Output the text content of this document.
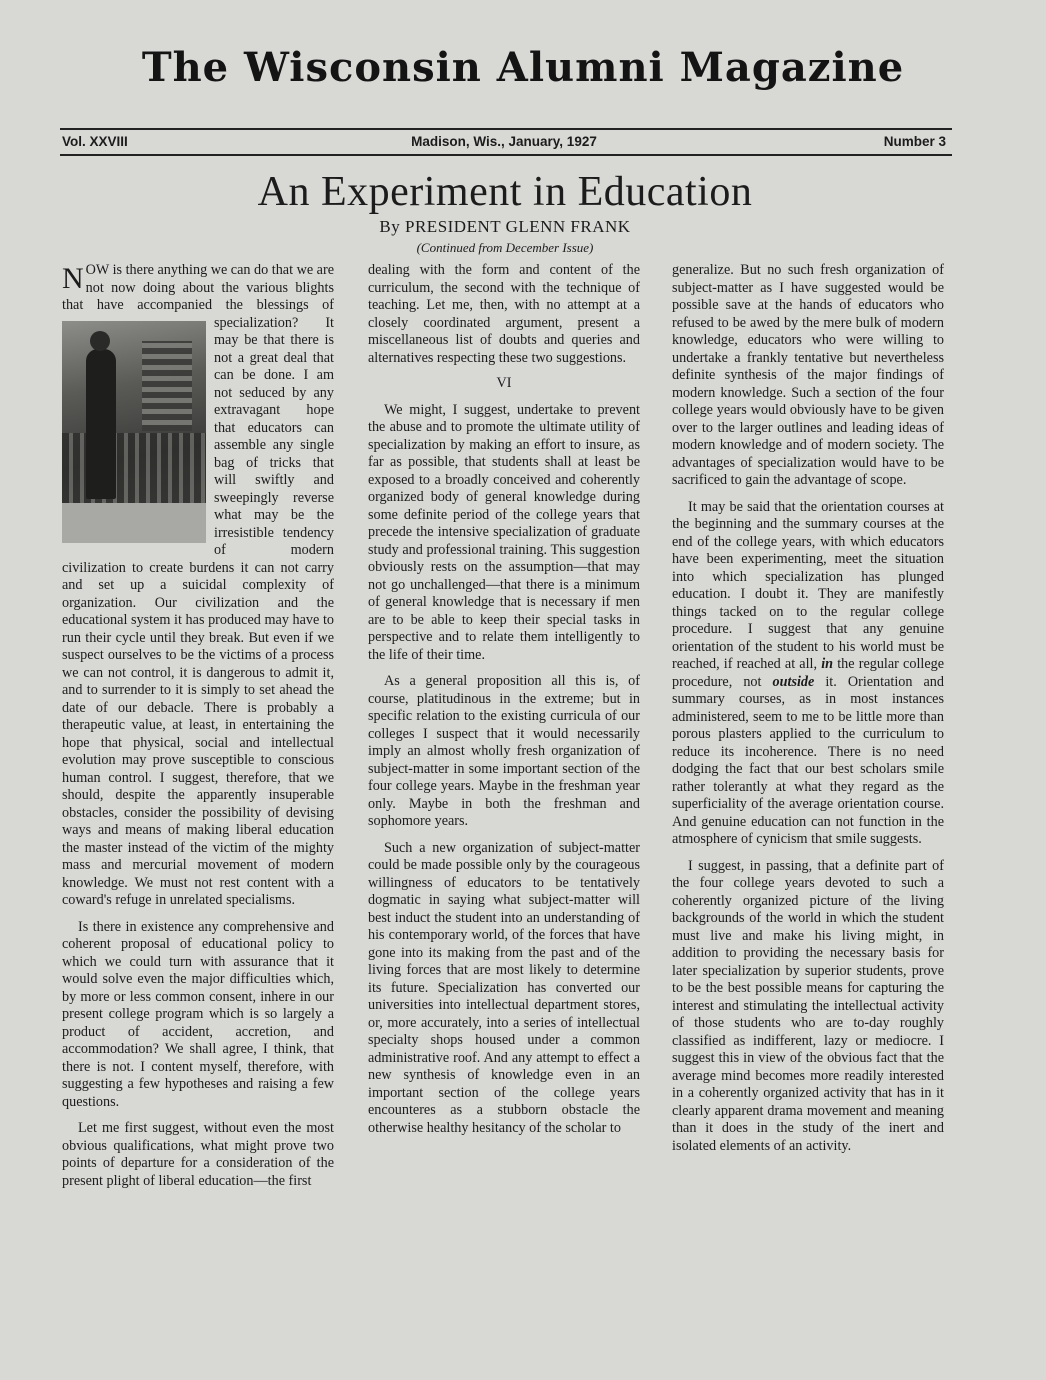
The Wisconsin Alumni Magazine
Vol. XXVIII	Madison, Wis., January, 1927	Number 3
An Experiment in Education
By PRESIDENT GLENN FRANK
(Continued from December Issue)

N OW is there anything we can do that we are not now doing about the various blights that have accompanied the blessings of specialization?
It may be that there is not a great deal that can be done. I am not seduced by any extravagant hope that educators can assemble any single bag of tricks that will swiftly and sweepingly reverse what may be the irresistible tendency of modern civilization to create burdens it can not carry and set up a suicidal complexity of organization. Our civilization and the educational system it has produced may have to run their cycle until they break. But even if we suspect ourselves to be the victims of a process we can not control, it is dangerous to admit it, and to surrender to it is simply to set ahead the date of our debacle. There is probably a therapeutic value, at least, in entertaining the hope that physical, social and intellectual evolution may prove susceptible to conscious human control. I suggest, therefore, that we should, despite the apparently insuperable obstacles, consider the possibility of devising ways and means of making liberal education the master instead of the victim of the mighty mass and mercurial movement of modern knowledge. We must not rest content with a coward's refuge in unrelated specialisms.

Is there in existence any comprehensive and coherent proposal of educational policy to which we could turn with assurance that it would solve even the major difficulties which, by more or less common consent, inhere in our present college program which is so largely a product of accident, accretion, and accommodation? We shall agree, I think, that there is not. I content myself, therefore, with suggesting a few hypotheses and raising a few questions.

Let me first suggest, without even the most obvious qualifications, what might prove two points of departure for a consideration of the present plight of liberal education—the first

dealing with the form and content of the curriculum, the second with the technique of teaching. Let me, then, with no attempt at a closely coordinated argument, present a miscellaneous list of doubts and queries and alternatives respecting these two suggestions.

VI

We might, I suggest, undertake to prevent the abuse and to promote the ultimate utility of specialization by making an effort to insure, as far as possible, that students shall at least be exposed to a broadly conceived and coherently organized body of general knowledge during some definite period of the college years that precede the intensive specialization of graduate study and professional training. This suggestion obviously rests on the assumption—that may not go unchallenged—that there is a minimum of general knowledge that is necessary if men are to be able to keep their special tasks in perspective and to relate them intelligently to the life of their time.

As a general proposition all this is, of course, platitudinous in the extreme; but in specific relation to the existing curricula of our colleges I suspect that it would necessarily imply an almost wholly fresh organization of subject-matter in some important section of the four college years. Maybe in the freshman year only. Maybe in both the freshman and sophomore years.

Such a new organization of subject-matter could be made possible only by the courageous willingness of educators to be tentatively dogmatic in saying what subject-matter will best induct the student into an understanding of his contemporary world, of the forces that have gone into its making from the past and of the living forces that are most likely to determine its future. Specialization has converted our universities into intellectual department stores, or, more accurately, into a series of intellectual specialty shops housed under a common administrative roof. And any attempt to effect a new synthesis of knowledge even in an important section of the college years encounteres as a stubborn obstacle the otherwise healthy hesitancy of the scholar to

generalize. But no such fresh organization of subject-matter as I have suggested would be possible save at the hands of educators who refused to be awed by the mere bulk of modern knowledge, educators who were willing to undertake a frankly tentative but nevertheless definite synthesis of the major findings of modern knowledge. Such a section of the four college years would obviously have to be given over to the larger outlines and leading ideas of modern knowledge and of modern society. The advantages of specialization would have to be sacrificed to gain the advantage of scope.

It may be said that the orientation courses at the beginning and the summary courses at the end of the college years, with which educators have been experimenting, meet the situation into which specialization has plunged education. I doubt it. They are manifestly things tacked on to the regular college procedure. I suggest that any genuine orientation of the student to his world must be reached, if reached at all, in the regular college procedure, not outside it. Orientation and summary courses, as in most instances administered, seem to me to be little more than porous plasters applied to the curriculum to reduce its incoherence. There is no need dodging the fact that our best scholars smile rather tolerantly at what they regard as the superficiality of the average orientation course. And genuine education can not function in the atmosphere of cynicism that smile suggests.

I suggest, in passing, that a definite part of the four college years devoted to such a coherently organized picture of the living backgrounds of the world in which the student must live and make his living might, in addition to providing the necessary basis for later specialization by superior students, prove to be the best possible means for capturing the interest and stimulating the intellectual activity of those students who are to-day roughly classified as indifferent, lazy or mediocre. I suggest this in view of the obvious fact that the average mind becomes more readily interested in a coherently organized activity that has in it clearly apparent drama movement and meaning than it does in the study of the inert and isolated elements of an activity.
